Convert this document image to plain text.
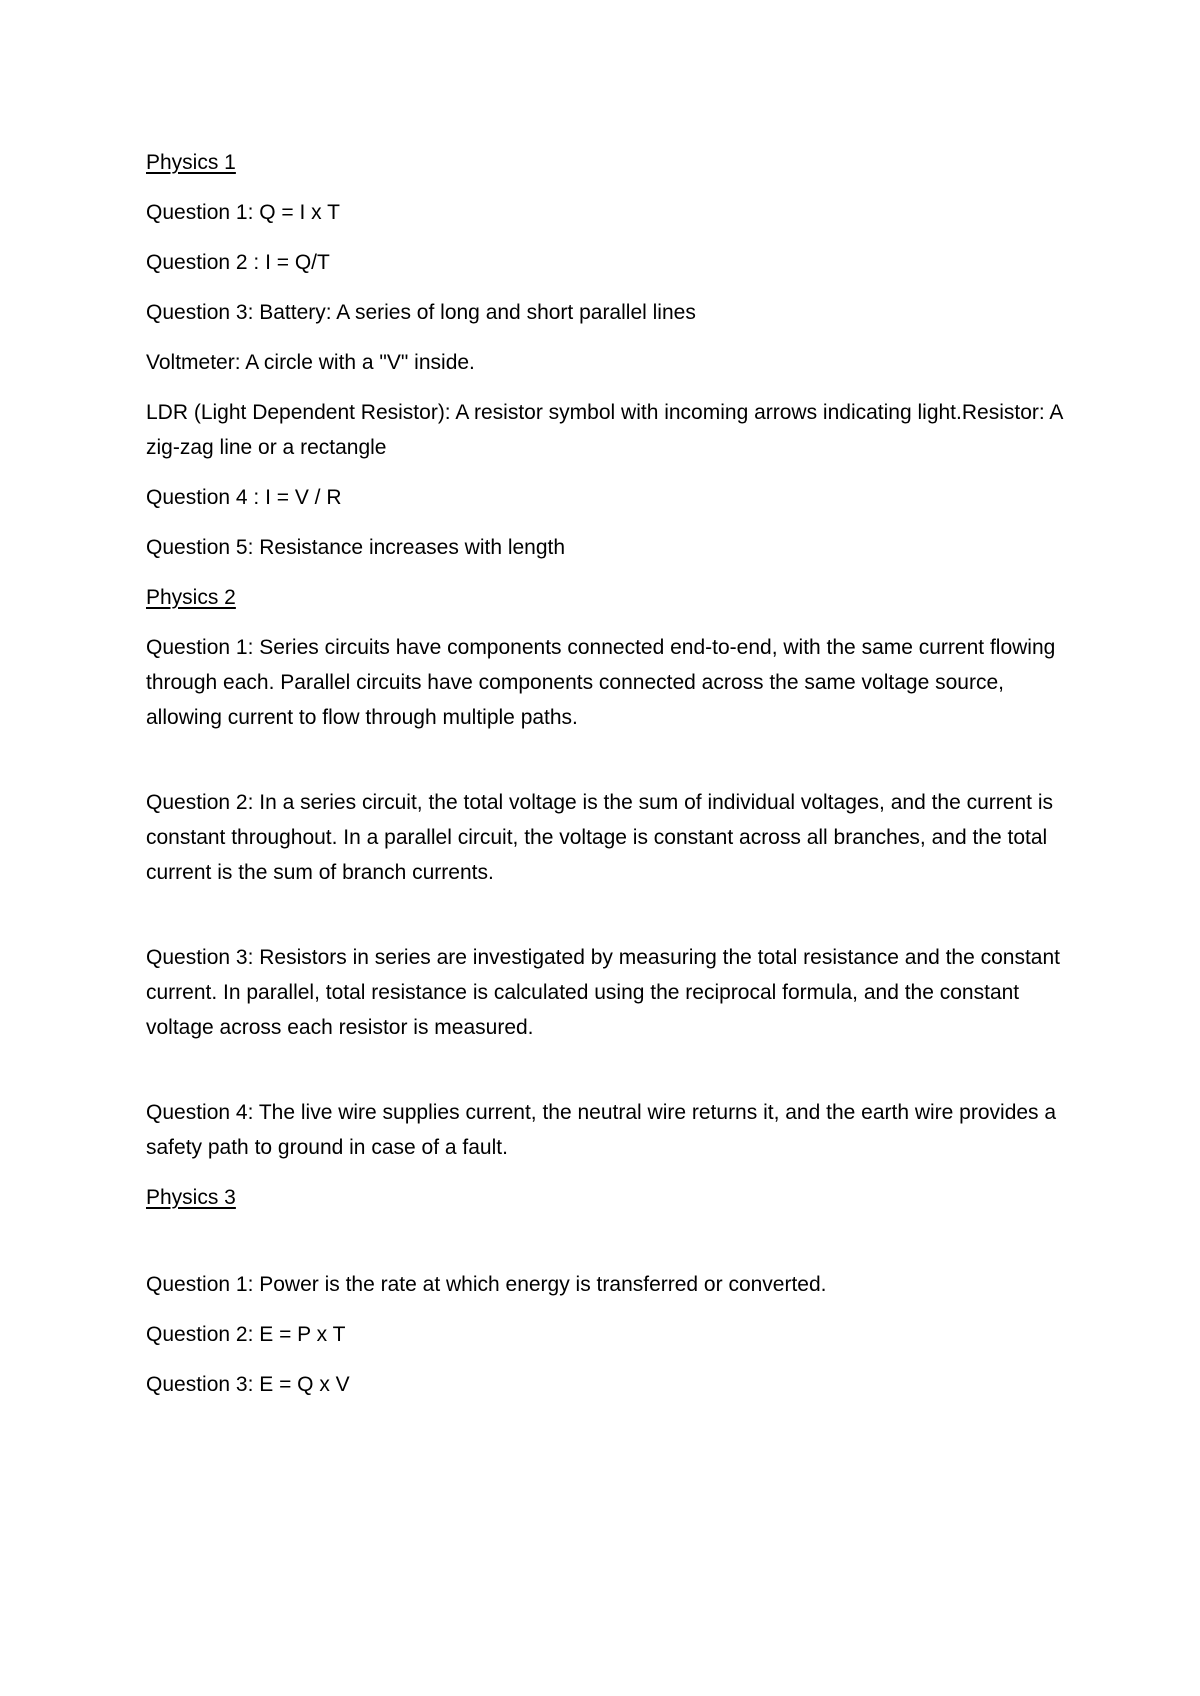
Physics 1

Question 1: Q = I x T

Question 2 : I = Q/T

Question 3: Battery: A series of long and short parallel lines

Voltmeter: A circle with a "V" inside.

LDR (Light Dependent Resistor): A resistor symbol with incoming arrows indicating light.Resistor: A zig-zag line or a rectangle

Question 4 : I = V / R

Question 5: Resistance increases with length

Physics 2

Question 1: Series circuits have components connected end-to-end, with the same current flowing through each. Parallel circuits have components connected across the same voltage source, allowing current to flow through multiple paths.

Question 2: In a series circuit, the total voltage is the sum of individual voltages, and the current is constant throughout. In a parallel circuit, the voltage is constant across all branches, and the total current is the sum of branch currents.

Question 3: Resistors in series are investigated by measuring the total resistance and the constant current. In parallel, total resistance is calculated using the reciprocal formula, and the constant voltage across each resistor is measured.

Question 4: The live wire supplies current, the neutral wire returns it, and the earth wire provides a safety path to ground in case of a fault.

Physics 3

Question 1: Power is the rate at which energy is transferred or converted.

Question 2: E = P x T

Question 3: E = Q x V
